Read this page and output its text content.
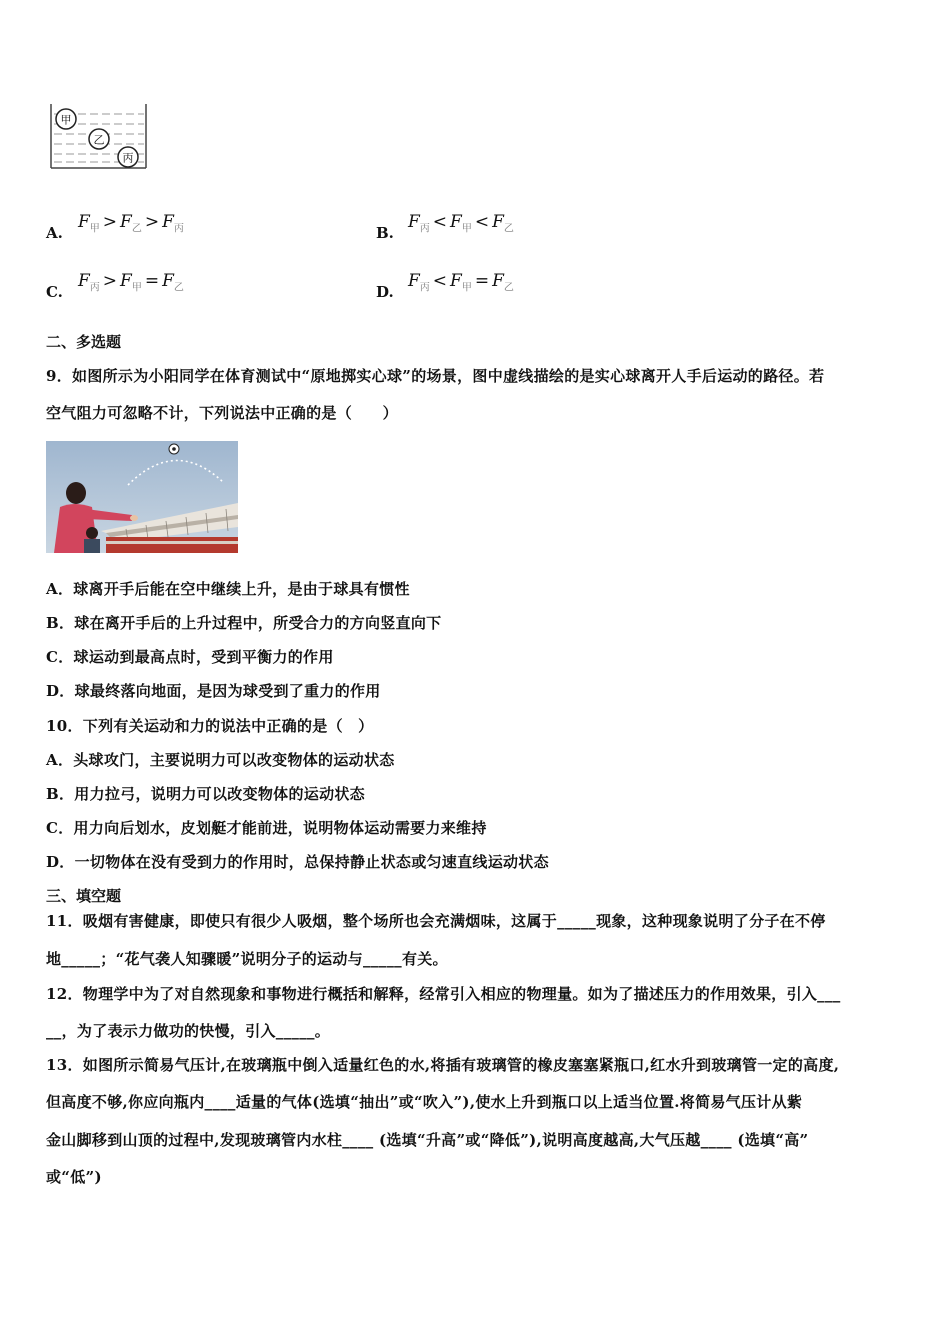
甲
乙
丙
A.
$F_甲 > F_乙 > F_丙$	B.
$F_丙 < F_甲 < F_乙$
C.
$F_丙 > F_甲 = F_乙$	D.
$F_丙 < F_甲 = F_乙$
二、多选题
9．如图所示为小阳同学在体育测试中“原地掷实心球”的场景，图中虚线描绘的是实心球离开人手后运动的路径。若
空气阻力可忽略不计，下列说法中正确的是（　　）
A．球离开手后能在空中继续上升，是由于球具有惯性
B．球在离开手后的上升过程中，所受合力的方向竖直向下
C．球运动到最高点时，受到平衡力的作用
D．球最终落向地面，是因为球受到了重力的作用
10．下列有关运动和力的说法中正确的是（　）
A．头球攻门，主要说明力可以改变物体的运动状态
B．用力拉弓，说明力可以改变物体的运动状态
C．用力向后划水，皮划艇才能前进，说明物体运动需要力来维持
D．一切物体在没有受到力的作用时，总保持静止状态或匀速直线运动状态
三、填空题
11．吸烟有害健康，即使只有很少人吸烟，整个场所也会充满烟味，这属于_____现象，这种现象说明了分子在不停
地_____；“花气袭人知骤暖”说明分子的运动与_____有关。
12．物理学中为了对自然现象和事物进行概括和解释，经常引入相应的物理量。如为了描述压力的作用效果，引入___
__，为了表示力做功的快慢，引入_____。
13．如图所示简易气压计,在玻璃瓶中倒入适量红色的水,将插有玻璃管的橡皮塞塞紧瓶口,红水升到玻璃管一定的高度,
但高度不够,你应向瓶内____适量的气体(选填“抽出”或“吹入”),使水上升到瓶口以上适当位置.将简易气压计从紫
金山脚移到山顶的过程中,发现玻璃管内水柱____ (选填“升高”或“降低”),说明高度越高,大气压越____ (选填“高”
或“低”)
